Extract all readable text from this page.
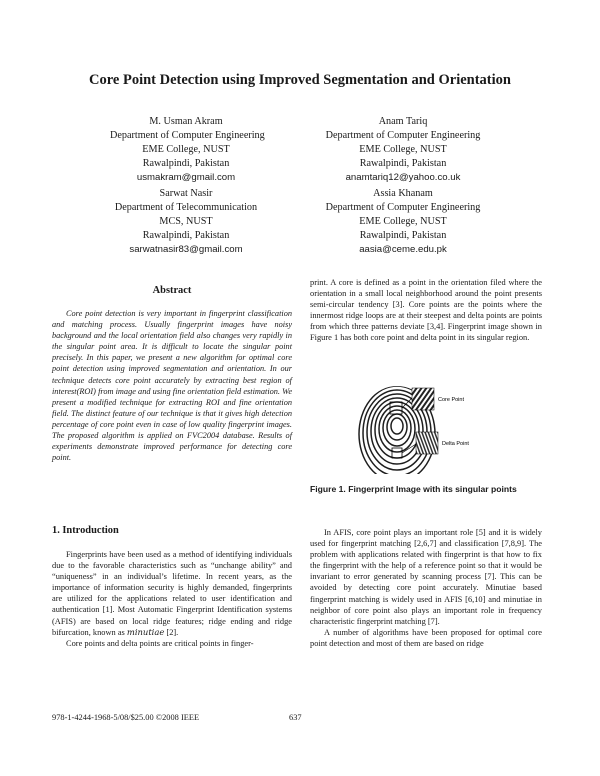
Core Point Detection using Improved Segmentation and Orientation
M. Usman Akram
Department of Computer Engineering
EME College, NUST
Rawalpindi, Pakistan
usmakram@gmail.com
Anam Tariq
Department of Computer Engineering
EME College, NUST
Rawalpindi, Pakistan
anamtariq12@yahoo.co.uk
Sarwat Nasir
Department of Telecommunication
MCS, NUST
Rawalpindi, Pakistan
sarwatnasir83@gmail.com
Assia Khanam
Department of Computer Engineering
EME College, NUST
Rawalpindi, Pakistan
aasia@ceme.edu.pk
Abstract

Core point detection is very important in fingerprint classification and matching process. Usually fingerprint images have noisy background and the local orientation field also changes very rapidly in the singular point area. It is difficult to locate the singular point precisely. In this paper, we present a new algorithm for optimal core point detection using improved segmentation and orientation. In our technique detects core point accurately by extracting best region of interest(ROI) from image and using fine orientation field estimation. We present a modified technique for extracting ROI and fine orientation field. The distinct feature of our technique is that it gives high detection percentage of core point even in case of low quality fingerprint images. The proposed algorithm is applied on FVC2004 database. Results of experiments demonstrate improved performance for detecting core point.

1. Introduction

Fingerprints have been used as a method of identifying individuals due to the favorable characteristics such as “unchange ability” and “uniqueness” in an individual’s lifetime. In recent years, as the importance of information security is highly demanded, fingerprints are utilized for the applications related to user identification and authentication [1]. Most Automatic Fingerprint Identification systems (AFIS) are based on local ridge features; ridge ending and ridge bifurcation, known as minutiae [2].

Core points and delta points are critical points in finger-

print. A core is defined as a point in the orientation filed where the orientation in a small local neighborhood around the point presents semi-circular tendency [3]. Core points are the points where the innermost ridge loops are at their steepest and delta points are points from which three patterns deviate [3,4]. Fingerprint image shown in Figure 1 has both core point and delta point in its singular region.

Core Point
Delta Point

Figure 1. Fingerprint Image with its singular points

In AFIS, core point plays an important role [5] and it is widely used for fingerprint matching [2,6,7] and classification [7,8,9]. The problem with applications related with fingerprint is that how to fix the fingerprint with the help of a reference point so that it would be invariant to error generated by scanning process [7]. This can be avoided by detecting core point accurately. Minutiae based fingerprint matching is widely used in AFIS [6,10] and minutiae in neighbor of core point also plays an important role in frequency characteristic fingerprint matching [7].

A number of algorithms have been proposed for optimal core point detection and most of them are based on ridge

978-1-4244-1968-5/08/$25.00 ©2008 IEEE	637
